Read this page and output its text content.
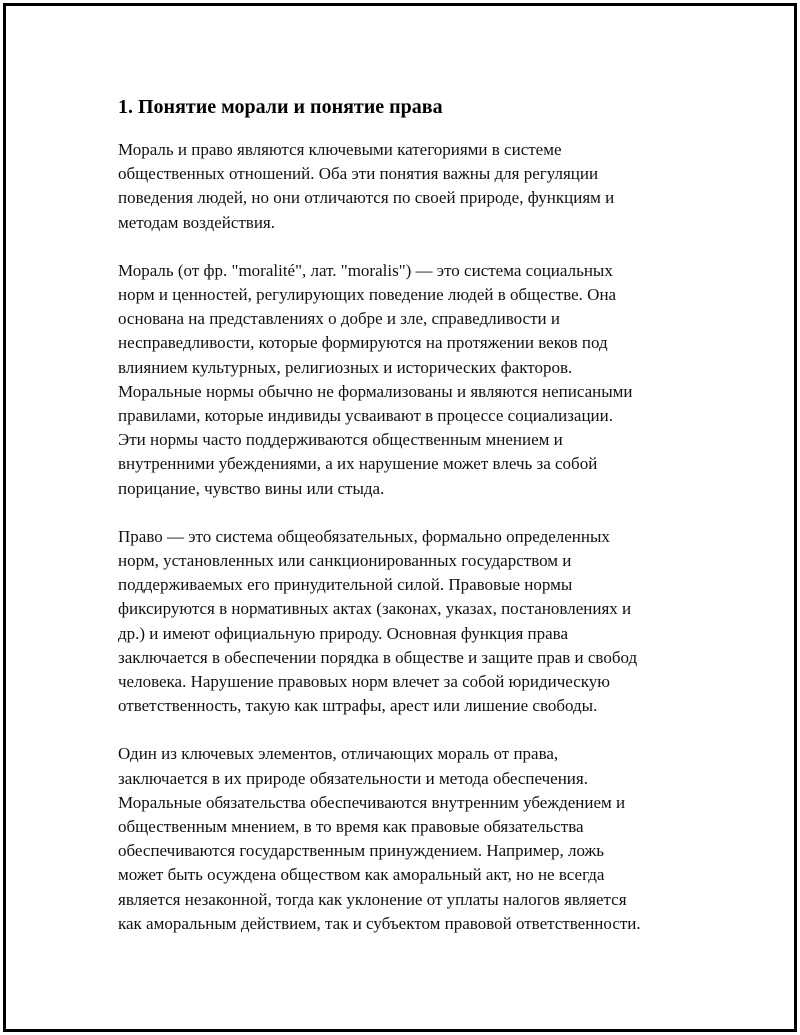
1. Понятие морали и понятие права

Мораль и право являются ключевыми категориями в системе
общественных отношений. Оба эти понятия важны для регуляции
поведения людей, но они отличаются по своей природе, функциям и
методам воздействия.

Мораль (от фр. "moralité", лат. "moralis") — это система социальных
норм и ценностей, регулирующих поведение людей в обществе. Она
основана на представлениях о добре и зле, справедливости и
несправедливости, которые формируются на протяжении веков под
влиянием культурных, религиозных и исторических факторов.
Моральные нормы обычно не формализованы и являются неписаными
правилами, которые индивиды усваивают в процессе социализации.
Эти нормы часто поддерживаются общественным мнением и
внутренними убеждениями, а их нарушение может влечь за собой
порицание, чувство вины или стыда.

Право — это система общеобязательных, формально определенных
норм, установленных или санкционированных государством и
поддерживаемых его принудительной силой. Правовые нормы
фиксируются в нормативных актах (законах, указах, постановлениях и
др.) и имеют официальную природу. Основная функция права
заключается в обеспечении порядка в обществе и защите прав и свобод
человека. Нарушение правовых норм влечет за собой юридическую
ответственность, такую как штрафы, арест или лишение свободы.

Один из ключевых элементов, отличающих мораль от права,
заключается в их природе обязательности и метода обеспечения.
Моральные обязательства обеспечиваются внутренним убеждением и
общественным мнением, в то время как правовые обязательства
обеспечиваются государственным принуждением. Например, ложь
может быть осуждена обществом как аморальный акт, но не всегда
является незаконной, тогда как уклонение от уплаты налогов является
как аморальным действием, так и субъектом правовой ответственности.
